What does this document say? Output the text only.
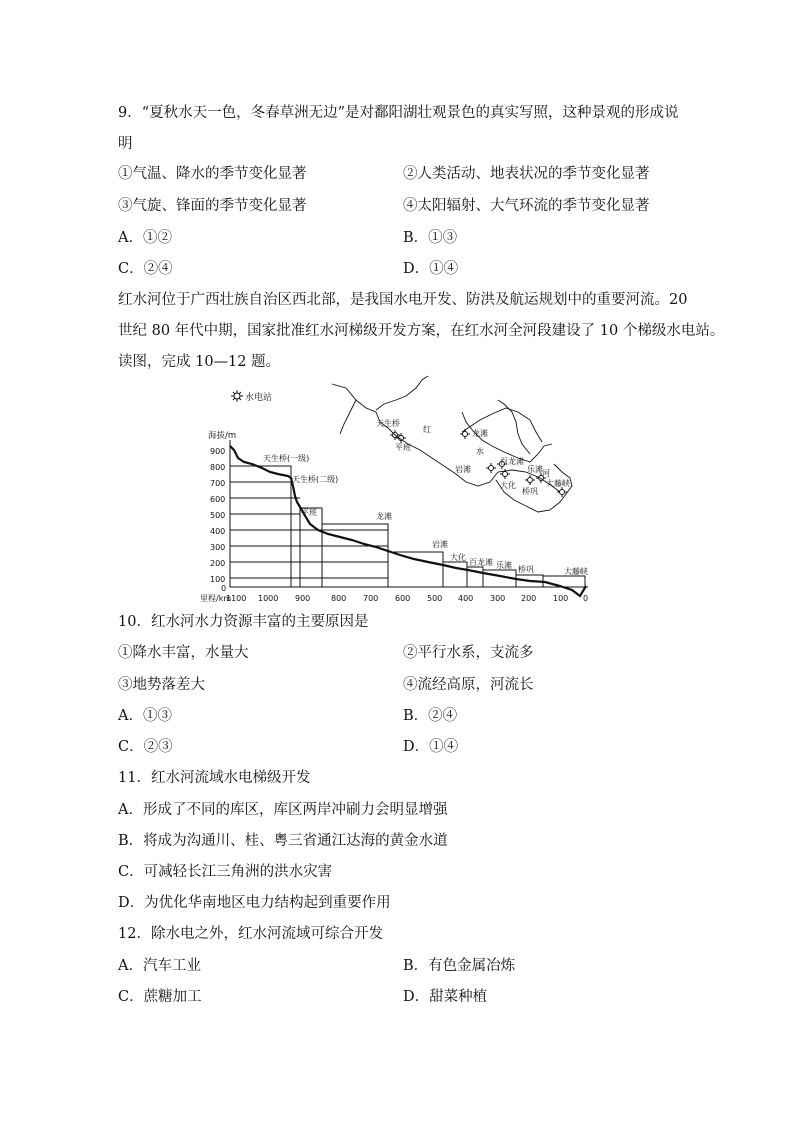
9．“夏秋水天一色，冬春草洲无边”是对鄱阳湖壮观景色的真实写照，这种景观的形成说
明
①气温、降水的季节变化显著	②人类活动、地表状况的季节变化显著
③气旋、锋面的季节变化显著	④太阳辐射、大气环流的季节变化显著
A．①②	B．①③
C．②④	D．①④
红水河位于广西壮族自治区西北部，是我国水电开发、防洪及航运规划中的重要河流。20
世纪 80 年代中期，国家批准红水河梯级开发方案，在红水河全河段建设了 10 个梯级水电站。
读图，完成 10—12 题。
水电站
海拔/m
900
800
700
600
500
400
300
200
100
0
里程/km
1100 1000 900	800 700 600 500 400 300 200 100 0
天生桥(一级)
天生桥(二级)
平班	龙滩
岩滩
大化
百龙滩 乐滩 桥巩	大藤峡
天生桥
平班
红	龙滩
水
岩滩
百龙滩
乐滩 河
大化
桥巩
大藤峡
10．红水河水力资源丰富的主要原因是
①降水丰富，水量大	②平行水系，支流多
③地势落差大	④流经高原，河流长
A．①③	B．②④
C．②③	D．①④
11．红水河流域水电梯级开发
A．形成了不同的库区，库区两岸冲刷力会明显增强
B．将成为沟通川、桂、粤三省通江达海的黄金水道
C．可减轻长江三角洲的洪水灾害
D．为优化华南地区电力结构起到重要作用
12．除水电之外，红水河流域可综合开发
A．汽车工业	B．有色金属冶炼
C．蔗糖加工	D．甜菜种植
